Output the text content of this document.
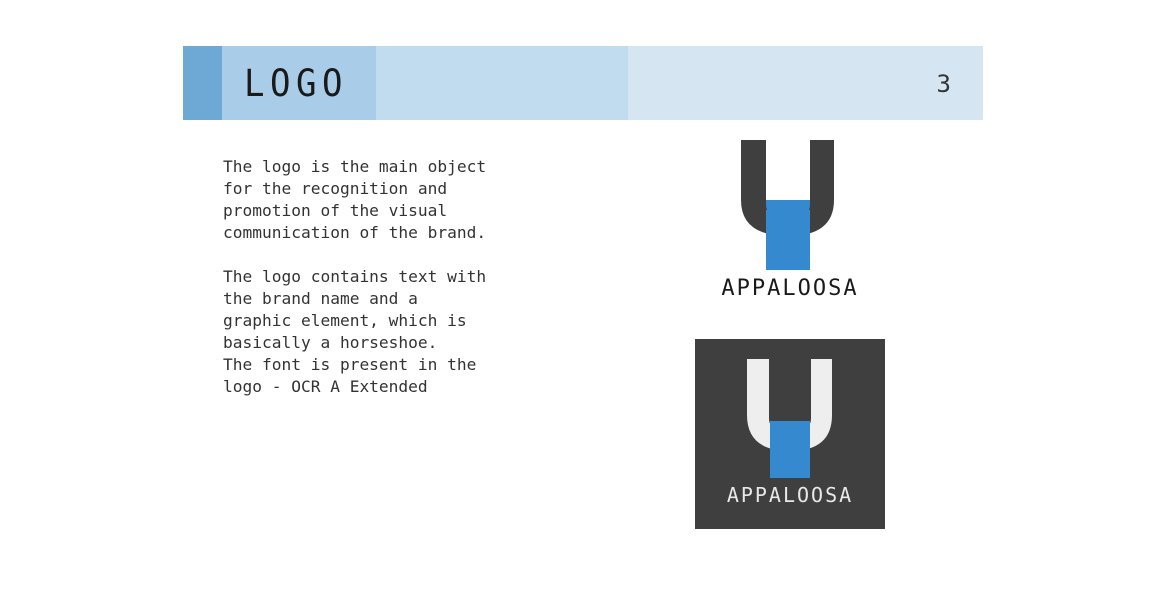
LOGO	3
The logo is the main object
for the recognition and
promotion of the visual
communication of the brand.

The logo contains text with
the brand name and a
graphic element, which is
basically a horseshoe.
The font is present in the
logo - OCR A Extended
APPALOOSA
APPALOOSA
